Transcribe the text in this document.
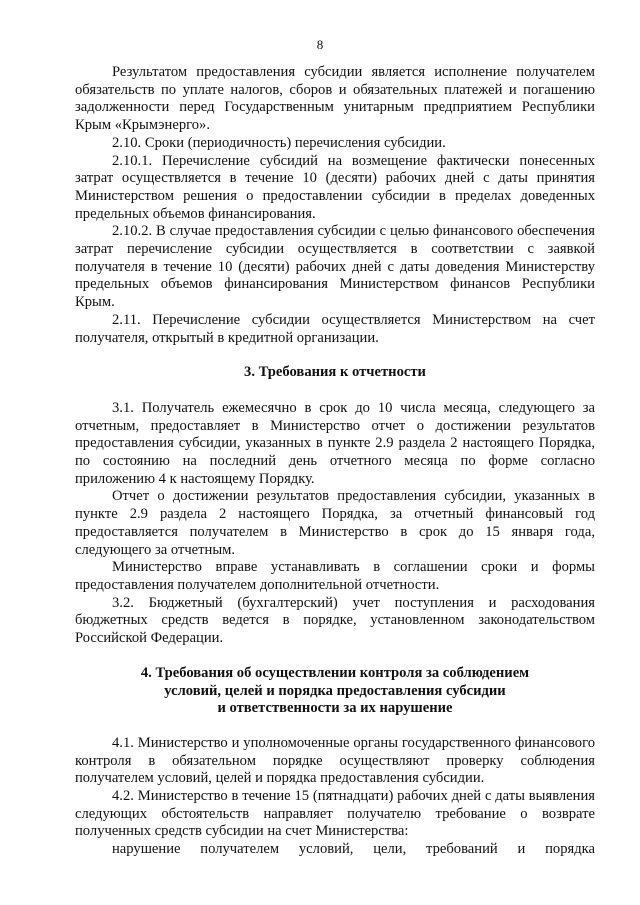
8

Результатом предоставления субсидии является исполнение получателем обязательств по уплате налогов, сборов и обязательных платежей и погашению задолженности перед Государственным унитарным предприятием Республики Крым «Крымэнерго».

2.10. Сроки (периодичность) перечисления субсидии.

2.10.1. Перечисление субсидий на возмещение фактически понесенных затрат осуществляется в течение 10 (десяти) рабочих дней с даты принятия Министерством решения о предоставлении субсидии в пределах доведенных предельных объемов финансирования.

2.10.2. В случае предоставления субсидии с целью финансового обеспечения затрат перечисление субсидии осуществляется в соответствии с заявкой получателя в течение 10 (десяти) рабочих дней с даты доведения Министерству предельных объемов финансирования Министерством финансов Республики Крым.

2.11. Перечисление субсидии осуществляется Министерством на счет получателя, открытый в кредитной организации.

3. Требования к отчетности

3.1. Получатель ежемесячно в срок до 10 числа месяца, следующего за отчетным, предоставляет в Министерство отчет о достижении результатов предоставления субсидии, указанных в пункте 2.9 раздела 2 настоящего Порядка, по состоянию на последний день отчетного месяца по форме согласно приложению 4 к настоящему Порядку.

Отчет о достижении результатов предоставления субсидии, указанных в пункте 2.9 раздела 2 настоящего Порядка, за отчетный финансовый год предоставляется получателем в Министерство в срок до 15 января года, следующего за отчетным.

Министерство вправе устанавливать в соглашении сроки и формы предоставления получателем дополнительной отчетности.

3.2. Бюджетный (бухгалтерский) учет поступления и расходования бюджетных средств ведется в порядке, установленном законодательством Российской Федерации.

4. Требования об осуществлении контроля за соблюдением
условий, целей и порядка предоставления субсидии
и ответственности за их нарушение

4.1. Министерство и уполномоченные органы государственного финансового контроля в обязательном порядке осуществляют проверку соблюдения получателем условий, целей и порядка предоставления субсидии.

4.2. Министерство в течение 15 (пятнадцати) рабочих дней с даты выявления следующих обстоятельств направляет получателю требование о возврате полученных средств субсидии на счет Министерства:

нарушение получателем условий, цели, требований и порядка
